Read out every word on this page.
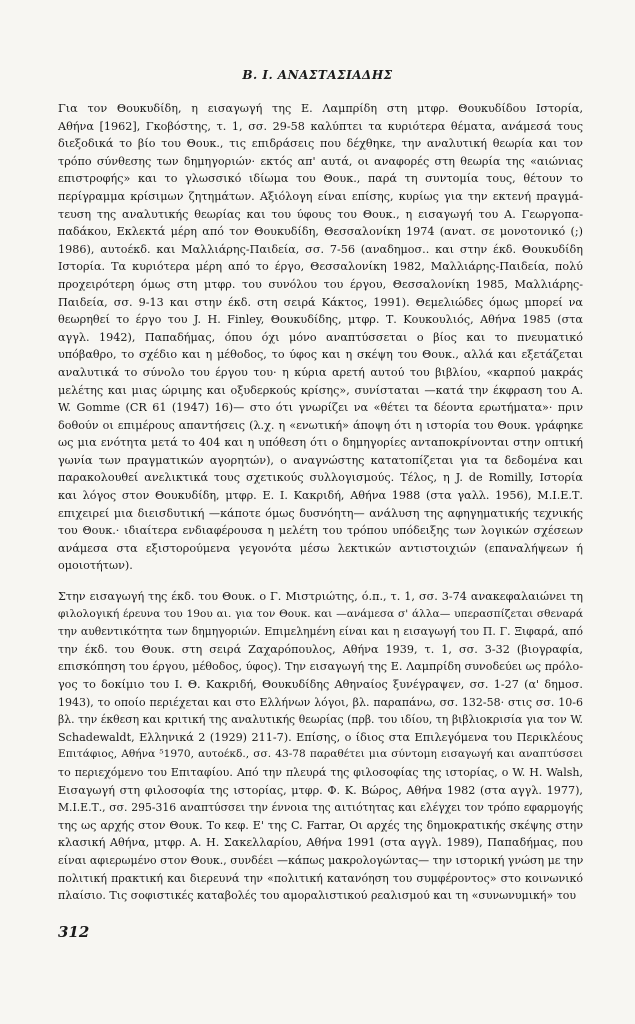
Β. Ι. ΑΝΑΣΤΑΣΙΑΔΗΣ
Για τον Θουκυδίδη, η εισαγωγή της Ε. Λαμπρίδη στη μτφρ. Θουκυδίδου Ιστορία,
Αθήνα [1962], Γκοβόστης, τ. 1, σσ. 29-58 καλύπτει τα κυριότερα θέματα, ανάμεσά τους
διεξοδικά το βίο του Θουκ., τις επιδράσεις που δέχθηκε, την αναλυτική θεωρία και τον
τρόπο σύνθεσης των δημηγοριών· εκτός απ' αυτά, οι αναφορές στη θεωρία της «αιώνιας
επιστροφής» και το γλωσσικό ιδίωμα του Θουκ., παρά τη συντομία τους, θέτουν το
περίγραμμα κρίσιμων ζητημάτων. Αξιόλογη είναι επίσης, κυρίως για την εκτενή πραγμά-
τευση της αναλυτικής θεωρίας και του ύφους του Θουκ., η εισαγωγή του Α. Γεωργοπα-
παδάκου, Εκλεκτά μέρη από τον Θουκυδίδη, Θεσσαλονίκη 1974 (ανατ. σε μονοτονικό (;)
1986), αυτοέκδ. και Μαλλιάρης-Παιδεία, σσ. 7-56 (αναδημοσ.. και στην έκδ. Θουκυδίδη
Ιστορία. Τα κυριότερα μέρη από το έργο, Θεσσαλονίκη 1982, Μαλλιάρης-Παιδεία, πολύ
προχειρότερη όμως στη μτφρ. του συνόλου του έργου, Θεσσαλονίκη 1985, Μαλλιάρης-
Παιδεία, σσ. 9-13 και στην έκδ. στη σειρά Κάκτος, 1991). Θεμελιώδες όμως μπορεί να
θεωρηθεί το έργο του J. H. Finley, Θουκυδίδης, μτφρ. Τ. Κουκουλιός, Αθήνα 1985 (στα
αγγλ. 1942), Παπαδήμας, όπου όχι μόνο αναπτύσσεται ο βίος και το πνευματικό
υπόβαθρο, το σχέδιο και η μέθοδος, το ύφος και η σκέψη του Θουκ., αλλά και εξετάζεται
αναλυτικά το σύνολο του έργου του· η κύρια αρετή αυτού του βιβλίου, «καρπού μακράς
μελέτης και μιας ώριμης και οξυδερκούς κρίσης», συνίσταται —κατά την έκφραση του A.
W. Gomme (CR 61 (1947) 16)— στο ότι γνωρίζει να «θέτει τα δέοντα ερωτήματα»· πριν
δοθούν οι επιμέρους απαντήσεις (λ.χ. η «ενωτική» άποψη ότι η ιστορία του Θουκ. γράφηκε
ως μια ενότητα μετά το 404 και η υπόθεση ότι ο δημηγορίες ανταποκρίνονται στην οπτική
γωνία των πραγματικών αγορητών), ο αναγνώστης κατατοπίζεται για τα δεδομένα και
παρακολουθεί ανελικτικά τους σχετικούς συλλογισμούς. Τέλος, η J. de Romilly, Ιστορία
και λόγος στον Θουκυδίδη, μτφρ. Ε. Ι. Κακριδή, Αθήνα 1988 (στα γαλλ. 1956), Μ.Ι.Ε.Τ.
επιχειρεί μια διεισδυτική —κάποτε όμως δυσνόητη— ανάλυση της αφηγηματικής τεχνικής
του Θουκ.· ιδιαίτερα ενδιαφέρουσα η μελέτη του τρόπου υπόδειξης των λογικών σχέσεων
ανάμεσα στα εξιστορούμενα γεγονότα μέσω λεκτικών αντιστοιχιών (επαναλήψεων ή
ομοιοτήτων).
Στην εισαγωγή της έκδ. του Θουκ. ο Γ. Μιστριώτης, ό.π., τ. 1, σσ. 3-74 ανακεφαλαιώνει τη
φιλολογική έρευνα του 19ου αι. για τον Θουκ. και —ανάμεσα σ' άλλα— υπερασπίζεται σθεναρά
την αυθεντικότητα των δημηγοριών. Επιμελημένη είναι και η εισαγωγή του Π. Γ. Ξιφαρά, από
την έκδ. του Θουκ. στη σειρά Ζαχαρόπουλος, Αθήνα 1939, τ. 1, σσ. 3-32 (βιογραφία,
επισκόπηση του έργου, μέθοδος, ύφος). Την εισαγωγή της Ε. Λαμπρίδη συνοδεύει ως πρόλο-
γος το δοκίμιο του Ι. Θ. Κακριδή, Θουκυδίδης Αθηναίος ξυνέγραψεν, σσ. 1-27 (α' δημοσ.
1943), το οποίο περιέχεται και στο Ελλήνων λόγοι, βλ. παραπάνω, σσ. 132-58· στις σσ. 10-6
βλ. την έκθεση και κριτική της αναλυτικής θεωρίας (πρβ. του ιδίου, τη βιβλιοκρισία για τον W.
Schadewaldt, Ελληνικά 2 (1929) 211-7). Επίσης, ο ίδιος στα Επιλεγόμενα του Περικλέους
Επιτάφιος, Αθήνα ⁵1970, αυτοέκδ., σσ. 43-78 παραθέτει μια σύντομη εισαγωγή και αναπτύσσει
το περιεχόμενο του Επιταφίου. Από την πλευρά της φιλοσοφίας της ιστορίας, ο W. H. Walsh,
Εισαγωγή στη φιλοσοφία της ιστορίας, μτφρ. Φ. Κ. Βώρος, Αθήνα 1982 (στα αγγλ. 1977),
Μ.Ι.Ε.Τ., σσ. 295-316 αναπτύσσει την έννοια της αιτιότητας και ελέγχει τον τρόπο εφαρμογής
της ως αρχής στον Θουκ. Το κεφ. Ε' της C. Farrar, Οι αρχές της δημοκρατικής σκέψης στην
κλασική Αθήνα, μτφρ. Α. Η. Σακελλαρίου, Αθήνα 1991 (στα αγγλ. 1989), Παπαδήμας, που
είναι αφιερωμένο στον Θουκ., συνδέει —κάπως μακρολογώντας— την ιστορική γνώση με την
πολιτική πρακτική και διερευνά την «πολιτική κατανόηση του συμφέροντος» στο κοινωνικό
πλαίσιο. Τις σοφιστικές καταβολές του αμοραλιστικού ρεαλισμού και τη «συνωνυμική» του
312
